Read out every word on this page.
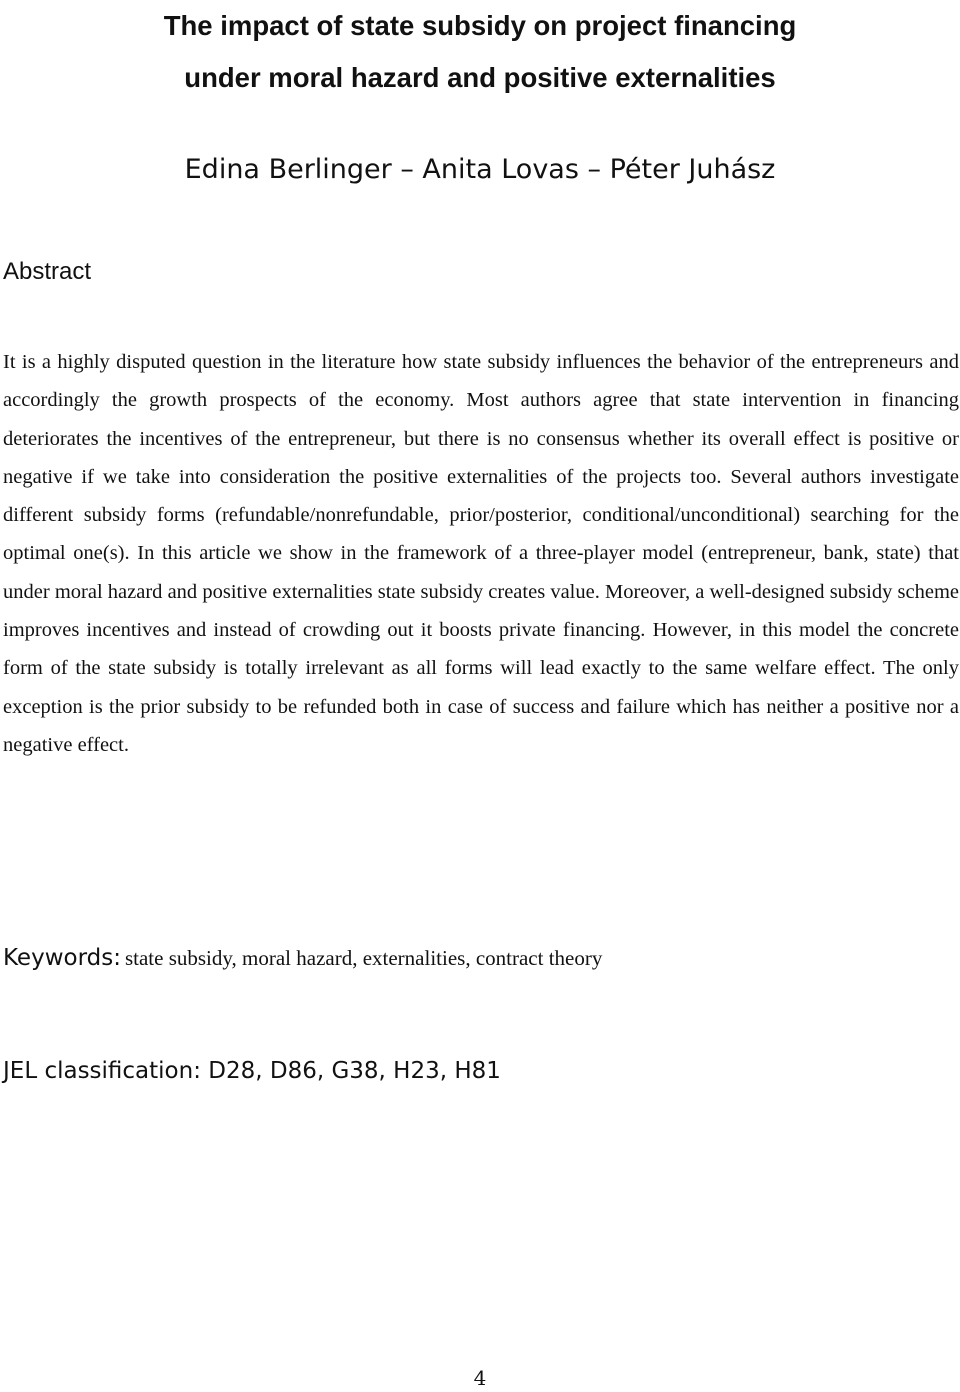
The impact of state subsidy on project financing
under moral hazard and positive externalities

Edina Berlinger – Anita Lovas – Péter Juhász

Abstract

It is a highly disputed question in the literature how state subsidy influences the behavior of the entrepreneurs and accordingly the growth prospects of the economy. Most authors agree that state intervention in financing deteriorates the incentives of the entrepreneur, but there is no consensus whether its overall effect is positive or negative if we take into consideration the positive externalities of the projects too. Several authors investigate different subsidy forms (refundable/nonrefundable, prior/posterior, conditional/unconditional) searching for the optimal one(s). In this article we show in the framework of a three-player model (entrepreneur, bank, state) that under moral hazard and positive externalities state subsidy creates value. Moreover, a well-designed subsidy scheme improves incentives and instead of crowding out it boosts private financing. However, in this model the concrete form of the state subsidy is totally irrelevant as all forms will lead exactly to the same welfare effect. The only exception is the prior subsidy to be refunded both in case of success and failure which has neither a positive nor a negative effect.

Keywords: state subsidy, moral hazard, externalities, contract theory

JEL classification: D28, D86, G38, H23, H81

4
